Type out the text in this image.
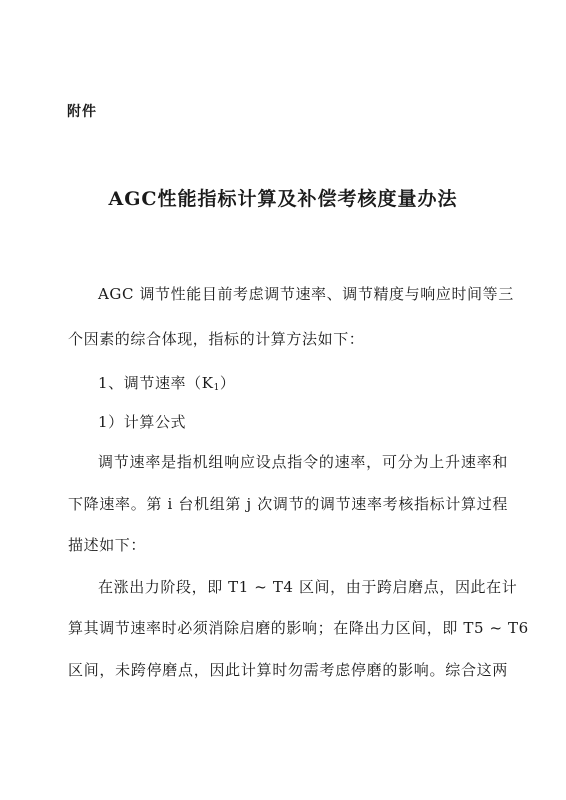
附件
AGC性能指标计算及补偿考核度量办法
AGC 调节性能目前考虑调节速率、调节精度与响应时间等三
个因素的综合体现，指标的计算方法如下：
1、调节速率$(K_1)$
1）计算公式
调节速率是指机组响应设点指令的速率，可分为上升速率和
下降速率。第 i 台机组第 j 次调节的调节速率考核指标计算过程
描述如下：
在涨出力阶段，即 T1 ~ T4 区间，由于跨启磨点，因此在计
算其调节速率时必须消除启磨的影响；在降出力区间，即 T5 ~ T6
区间，未跨停磨点，因此计算时勿需考虑停磨的影响。综合这两
